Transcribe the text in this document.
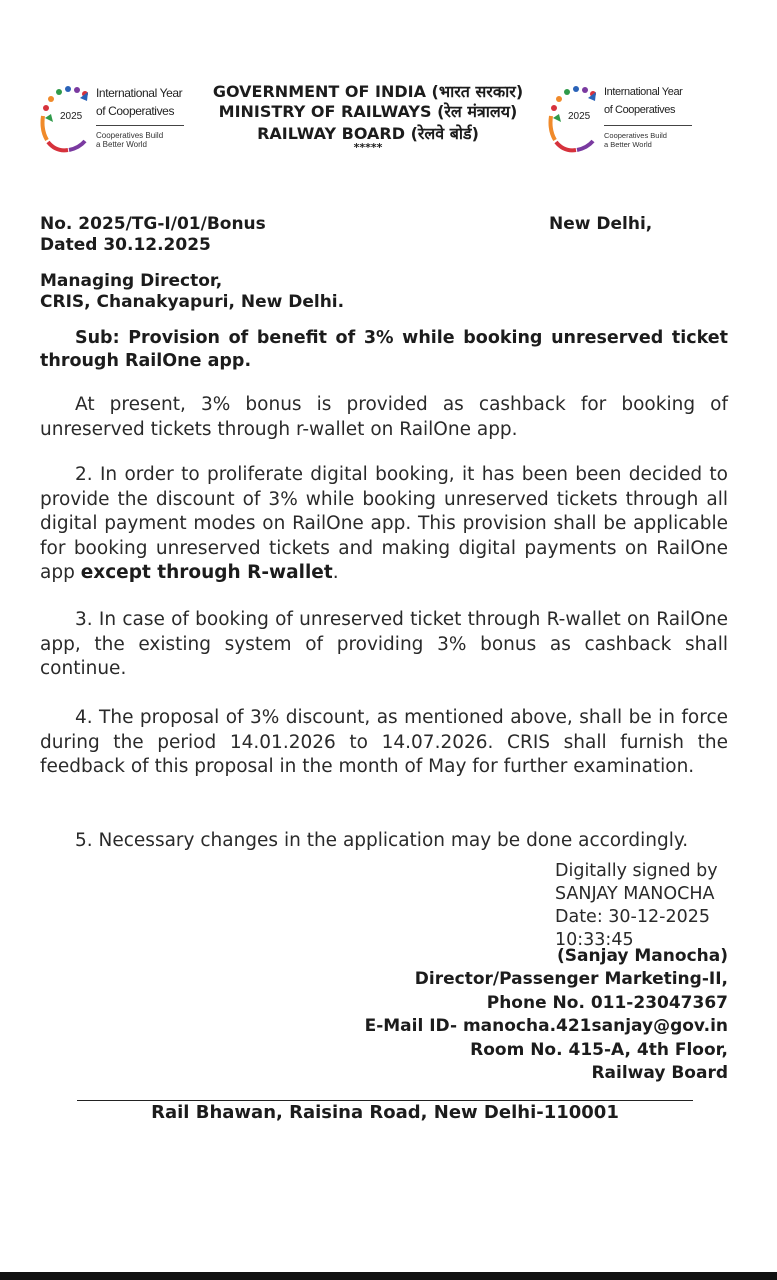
2025
International Year
of Cooperatives
Cooperatives Build
a Better World
GOVERNMENT OF INDIA (भारत सरकार)
MINISTRY OF RAILWAYS (रेल मंत्रालय)
RAILWAY BOARD (रेलवे बोर्ड)
*****
2025
International Year
of Cooperatives
Cooperatives Build
a Better World
No. 2025/TG-I/01/Bonus
Dated 30.12.2025
New Delhi,
Managing Director,
CRIS, Chanakyapuri, New Delhi.

Sub: Provision of benefit of 3% while booking unreserved ticket through RailOne app.

At present, 3% bonus is provided as cashback for booking of unreserved tickets through r-wallet on RailOne app.

2. In order to proliferate digital booking, it has been been decided to provide the discount of 3% while booking unreserved tickets through all digital payment modes on RailOne app. This provision shall be applicable for booking unreserved tickets and making digital payments on RailOne app except through R-wallet.

3. In case of booking of unreserved ticket through R-wallet on RailOne app, the existing system of providing 3% bonus as cashback shall continue.

4. The proposal of 3% discount, as mentioned above, shall be in force during the period 14.01.2026 to 14.07.2026. CRIS shall furnish the feedback of this proposal in the month of May for further examination.

5. Necessary changes in the application may be done accordingly.

Digitally signed by
SANJAY MANOCHA
Date: 30-12-2025
10:33:45
(Sanjay Manocha)
Director/Passenger Marketing-II,
Phone No. 011-23047367
E-Mail ID- manocha.421sanjay@gov.in
Room No. 415-A, 4th Floor,
Railway Board
Rail Bhawan, Raisina Road, New Delhi-110001
